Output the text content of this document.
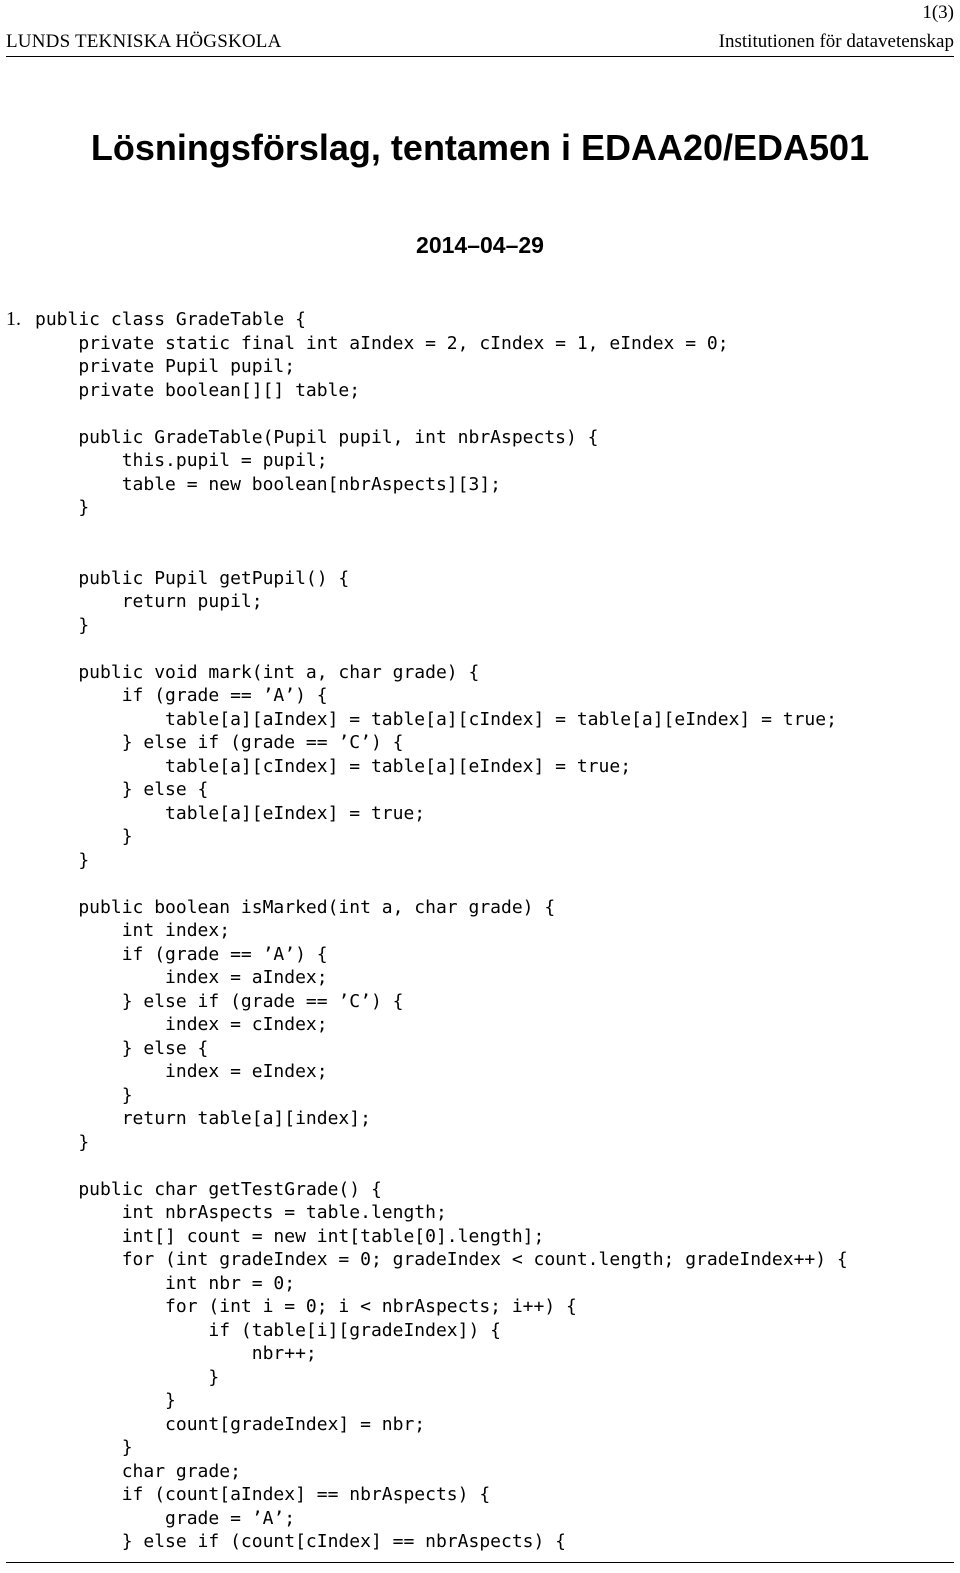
1(3)
LUNDS TEKNISKA HÖGSKOLA	Institutionen för datavetenskap
Lösningsförslag, tentamen i EDAA20/EDA501
2014–04–29
1. public class GradeTable {
private static final int aIndex = 2, cIndex = 1, eIndex = 0;
private Pupil pupil;
private boolean[][] table;

public GradeTable(Pupil pupil, int nbrAspects) {
this.pupil = pupil;
table = new boolean[nbrAspects][3];
}

public Pupil getPupil() {
return pupil;
}

public void mark(int a, char grade) {
if (grade == ’A’) {
table[a][aIndex] = table[a][cIndex] = table[a][eIndex] = true;
} else if (grade == ’C’) {
table[a][cIndex] = table[a][eIndex] = true;
} else {
table[a][eIndex] = true;
}
}

public boolean isMarked(int a, char grade) {
int index;
if (grade == ’A’) {
index = aIndex;
} else if (grade == ’C’) {
index = cIndex;
} else {
index = eIndex;
}
return table[a][index];
}

public char getTestGrade() {
int nbrAspects = table.length;
int[] count = new int[table[0].length];
for (int gradeIndex = 0; gradeIndex < count.length; gradeIndex++) {
int nbr = 0;
for (int i = 0; i < nbrAspects; i++) {
if (table[i][gradeIndex]) {
nbr++;
}
}
count[gradeIndex] = nbr;
}
char grade;
if (count[aIndex] == nbrAspects) {
grade = ’A’;
} else if (count[cIndex] == nbrAspects) {
